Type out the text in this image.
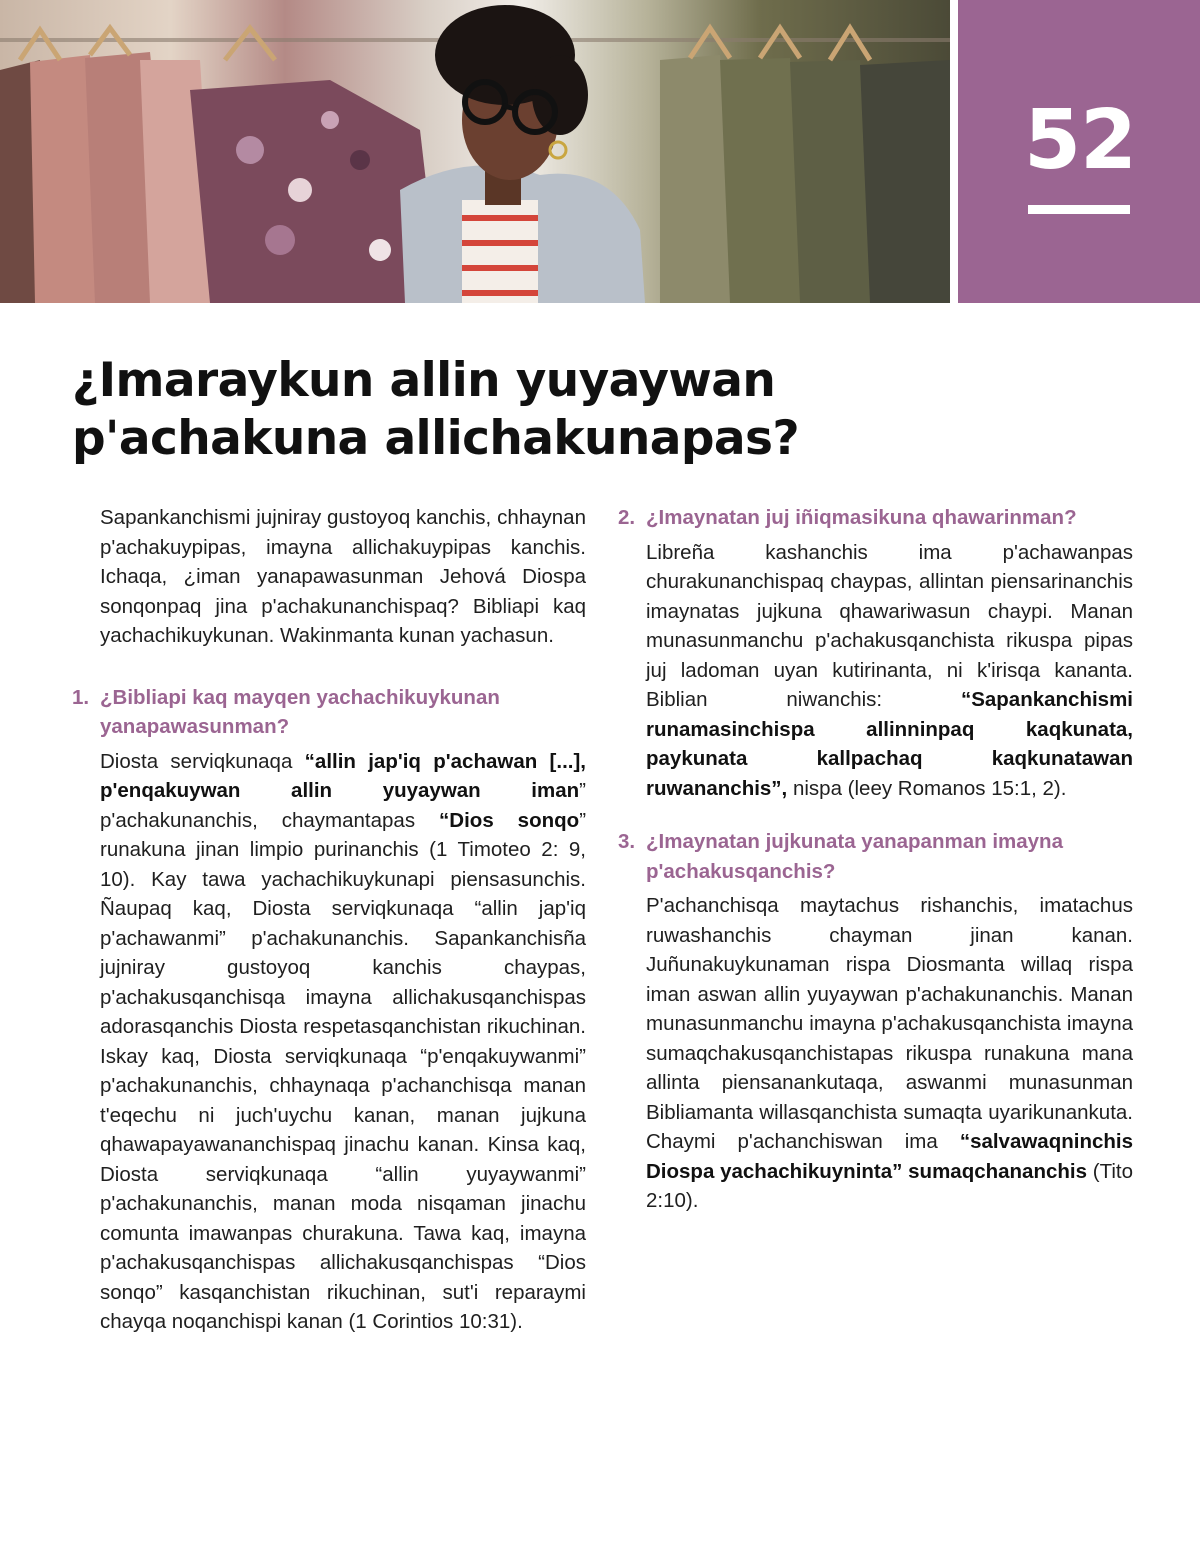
52
¿Imaraykun allin yuyaywan
p'achakuna allichakunapas?

Sapankanchismi jujniray gustoyoq kanchis, chhaynan p'achakuypipas, imayna allichakuypipas kanchis. Ichaqa, ¿iman yanapawasunman Jehová Diospa sonqonpaq jina p'achakunanchispaq? Bibliapi kaq yachachikuykunan. Wakinmanta kunan yachasun.

1. ¿Bibliapi kaq mayqen yachachikuykunan yanapawasunman?

Diosta serviqkunaqa “allin jap'iq p'achawan [...], p'enqakuywan allin yuyaywan iman” p'achakunanchis, chaymantapas “Dios sonqo” runakuna jinan limpio purinanchis (1 Timoteo 2: 9, 10). Kay tawa yachachikuykunapi piensasunchis. Ñaupaq kaq, Diosta serviqkunaqa “allin jap'iq p'achawanmi” p'achakunanchis. Sapankanchisña jujniray gustoyoq kanchis chaypas, p'achakusqanchisqa imayna allichakusqanchispas adorasqanchis Diosta respetasqanchistan rikuchinan. Iskay kaq, Diosta serviqkunaqa “p'enqakuywanmi” p'achakunanchis, chhaynaqa p'achanchisqa manan t'eqechu ni juch'uychu kanan, manan jujkuna qhawapayawananchispaq jinachu kanan. Kinsa kaq, Diosta serviqkunaqa “allin yuyaywanmi” p'achakunanchis, manan moda nisqaman jinachu comunta imawanpas churakuna. Tawa kaq, imayna p'achakusqanchispas allichakusqanchispas “Dios sonqo” kasqanchistan rikuchinan, sut'i reparaymi chayqa noqanchispi kanan (1 Corintios 10:31).

2. ¿Imaynatan juj iñiqmasikuna qhawarinman?

Libreña kashanchis ima p'achawanpas churakunanchispaq chaypas, allintan piensarinanchis imaynatas jujkuna qhawariwasun chaypi. Manan munasunmanchu p'achakusqanchista rikuspa pipas juj ladoman uyan kutirinanta, ni k'irisqa kananta. Biblian niwanchis: “Sapankanchismi runamasinchispa allinninpaq kaqkunata, paykunata kallpachaq kaqkunatawan ruwananchis”, nispa (leey Romanos 15:1, 2).

3. ¿Imaynatan jujkunata yanapanman imayna p'achakusqanchis?

P'achanchisqa maytachus rishanchis, imatachus ruwashanchis chayman jinan kanan. Juñunakuykunaman rispa Diosmanta willaq rispa iman aswan allin yuyaywan p'achakunanchis. Manan munasunmanchu imayna p'achakusqanchista imayna sumaqchakusqanchistapas rikuspa runakuna mana allinta piensanankutaqa, aswanmi munasunman Bibliamanta willasqanchista sumaqta uyarikunankuta. Chaymi p'achanchiswan ima “salvawaqninchis Diospa yachachikuyninta” sumaqchananchis (Tito 2:10).
